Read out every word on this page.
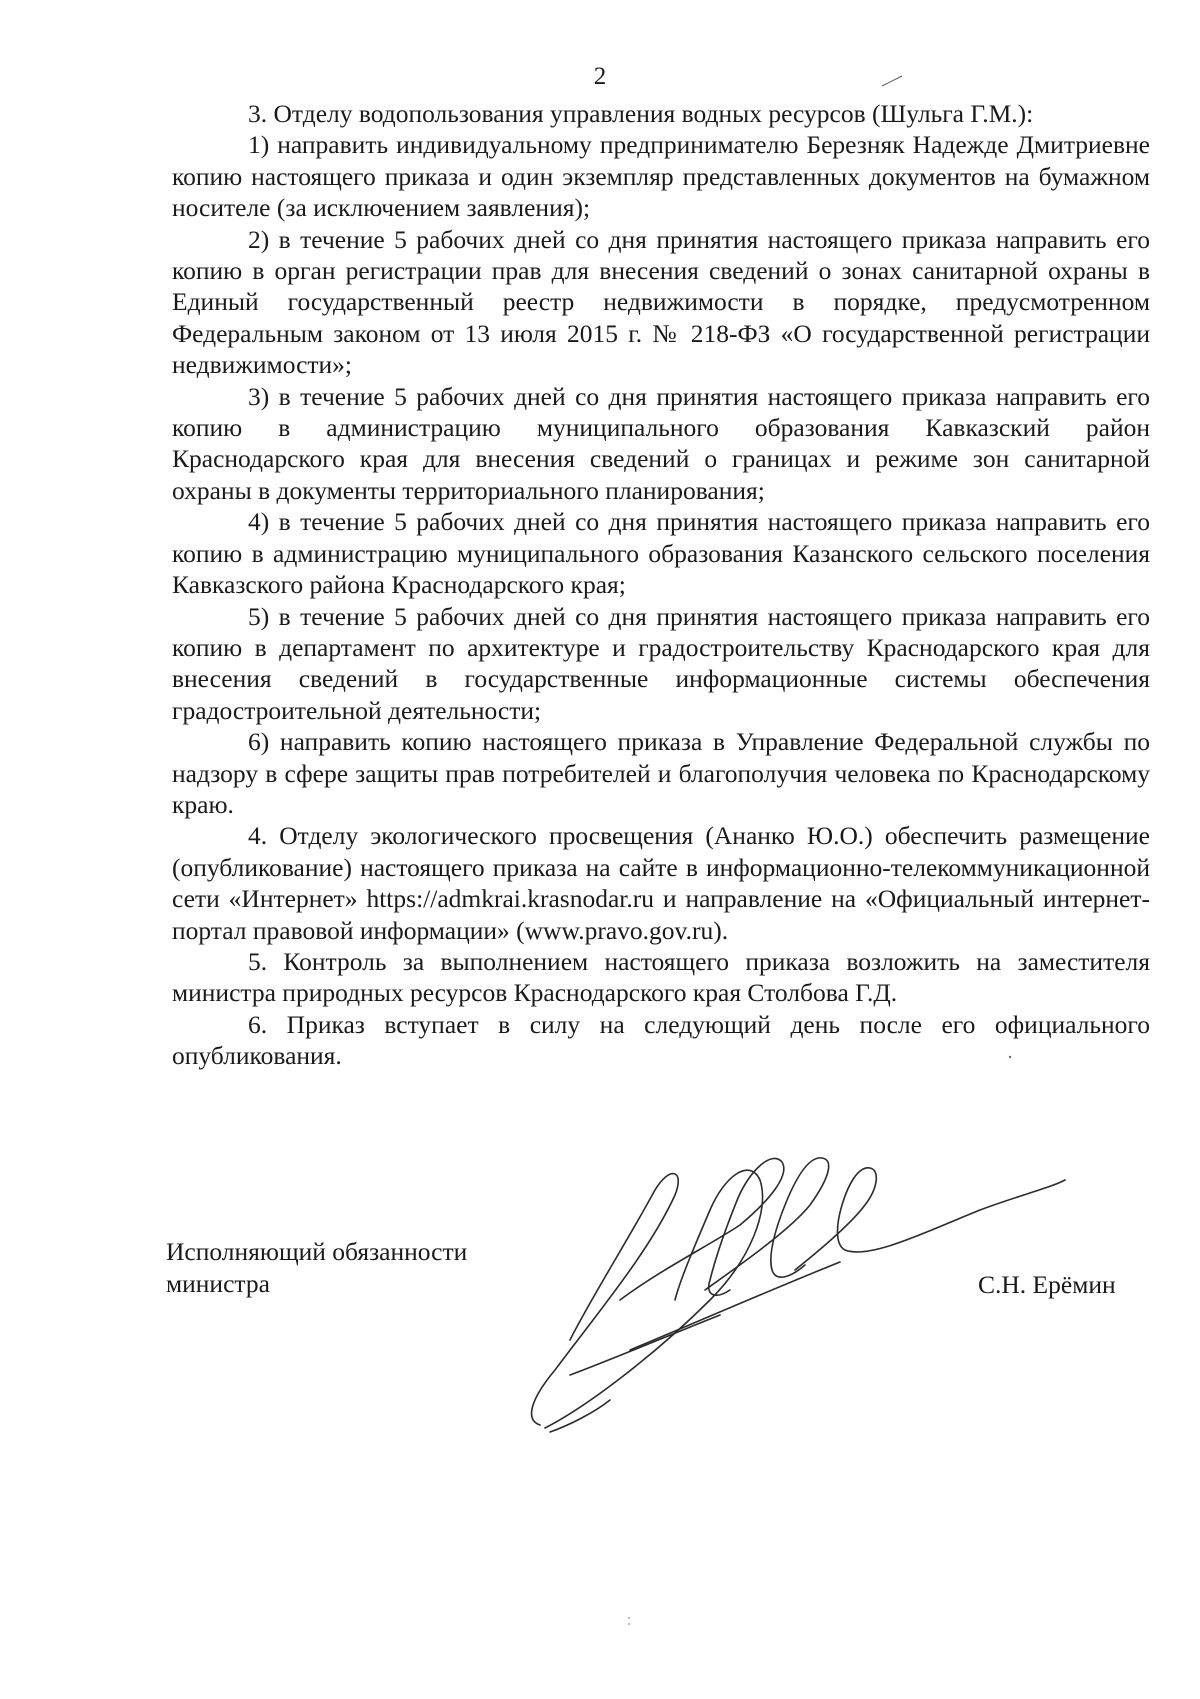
2

3. Отделу водопользования управления водных ресурсов (Шульга Г.М.):

1) направить индивидуальному предпринимателю Березняк Надежде Дмитриевне копию настоящего приказа и один экземпляр представленных документов на бумажном носителе (за исключением заявления);

2) в течение 5 рабочих дней со дня принятия настоящего приказа направить его копию в орган регистрации прав для внесения сведений о зонах санитарной охраны в Единый государственный реестр недвижимости в порядке, предусмотренном Федеральным законом от 13 июля 2015 г. № 218-ФЗ «О государственной регистрации недвижимости»;

3) в течение 5 рабочих дней со дня принятия настоящего приказа направить его копию в администрацию муниципального образования Кавказский район Краснодарского края для внесения сведений о границах и режиме зон санитарной охраны в документы территориального планирования;

4) в течение 5 рабочих дней со дня принятия настоящего приказа направить его копию в администрацию муниципального образования Казанского сельского поселения Кавказского района Краснодарского края;

5) в течение 5 рабочих дней со дня принятия настоящего приказа направить его копию в департамент по архитектуре и градостроительству Краснодарского края для внесения сведений в государственные информационные системы обеспечения градостроительной деятельности;

6) направить копию настоящего приказа в Управление Федеральной службы по надзору в сфере защиты прав потребителей и благополучия человека по Краснодарскому краю.

4. Отделу экологического просвещения (Ананко Ю.О.) обеспечить размещение (опубликование) настоящего приказа на сайте в информационно-телекоммуникационной сети «Интернет» https://admkrai.krasnodar.ru и направление на «Официальный интернет-портал правовой информации» (www.pravo.gov.ru).

5. Контроль за выполнением настоящего приказа возложить на заместителя министра природных ресурсов Краснодарского края Столбова Г.Д.

6. Приказ вступает в силу на следующий день после его официального опубликования.

Исполняющий обязанности
министра	С.Н. Ерёмин
